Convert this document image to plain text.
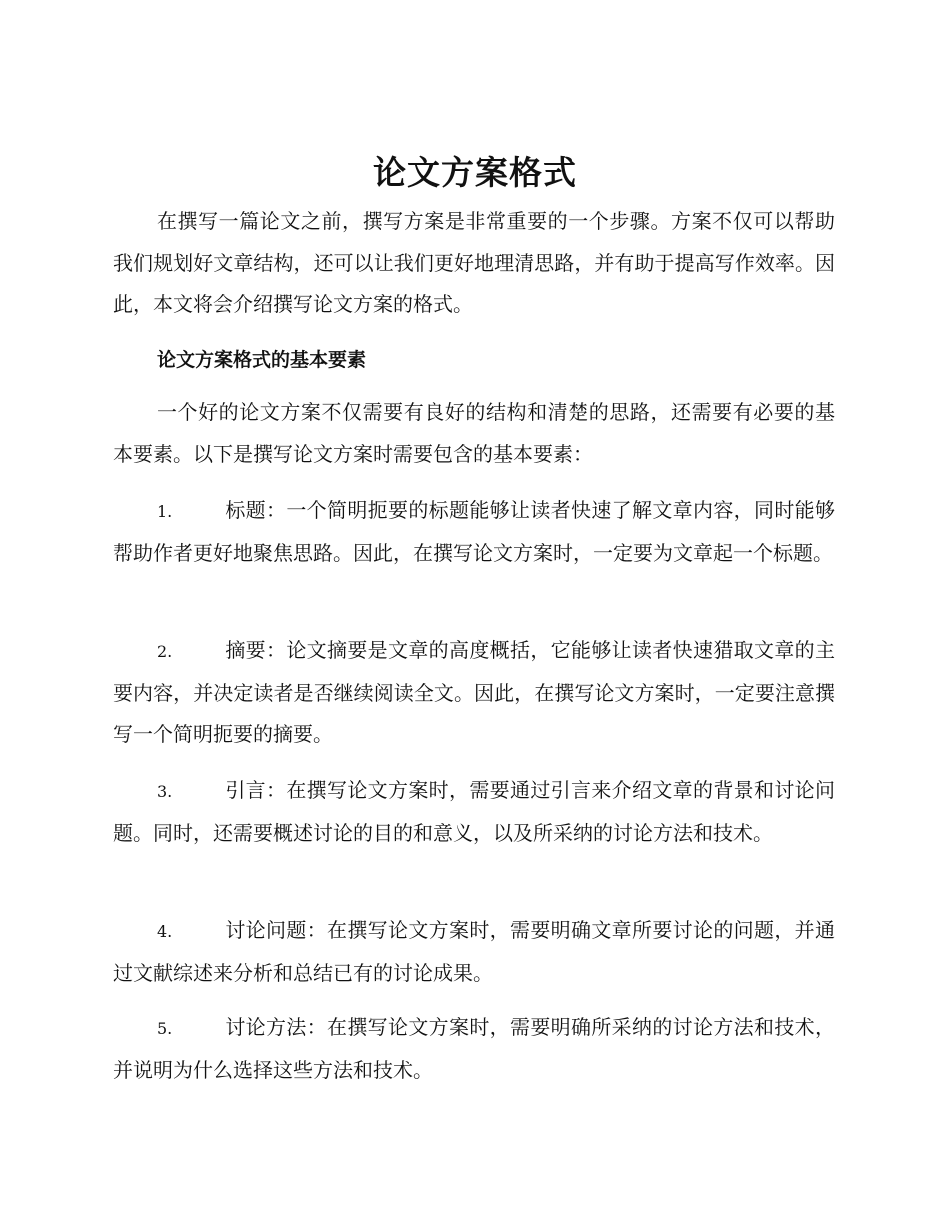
论文方案格式

在撰写一篇论文之前，撰写方案是非常重要的一个步骤。方案不仅可以帮助我们规划好文章结构，还可以让我们更好地理清思路，并有助于提高写作效率。因此，本文将会介绍撰写论文方案的格式。

论文方案格式的基本要素

一个好的论文方案不仅需要有良好的结构和清楚的思路，还需要有必要的基本要素。以下是撰写论文方案时需要包含的基本要素：

1.	标题：一个简明扼要的标题能够让读者快速了解文章内容，同时能够帮助作者更好地聚焦思路。因此，在撰写论文方案时，一定要为文章起一个标题。

2.	摘要：论文摘要是文章的高度概括，它能够让读者快速猎取文章的主要内容，并决定读者是否继续阅读全文。因此，在撰写论文方案时，一定要注意撰写一个简明扼要的摘要。

3.	引言：在撰写论文方案时，需要通过引言来介绍文章的背景和讨论问题。同时，还需要概述讨论的目的和意义，以及所采纳的讨论方法和技术。

4.	讨论问题：在撰写论文方案时，需要明确文章所要讨论的问题，并通过文献综述来分析和总结已有的讨论成果。

5.	讨论方法：在撰写论文方案时，需要明确所采纳的讨论方法和技术，并说明为什么选择这些方法和技术。
